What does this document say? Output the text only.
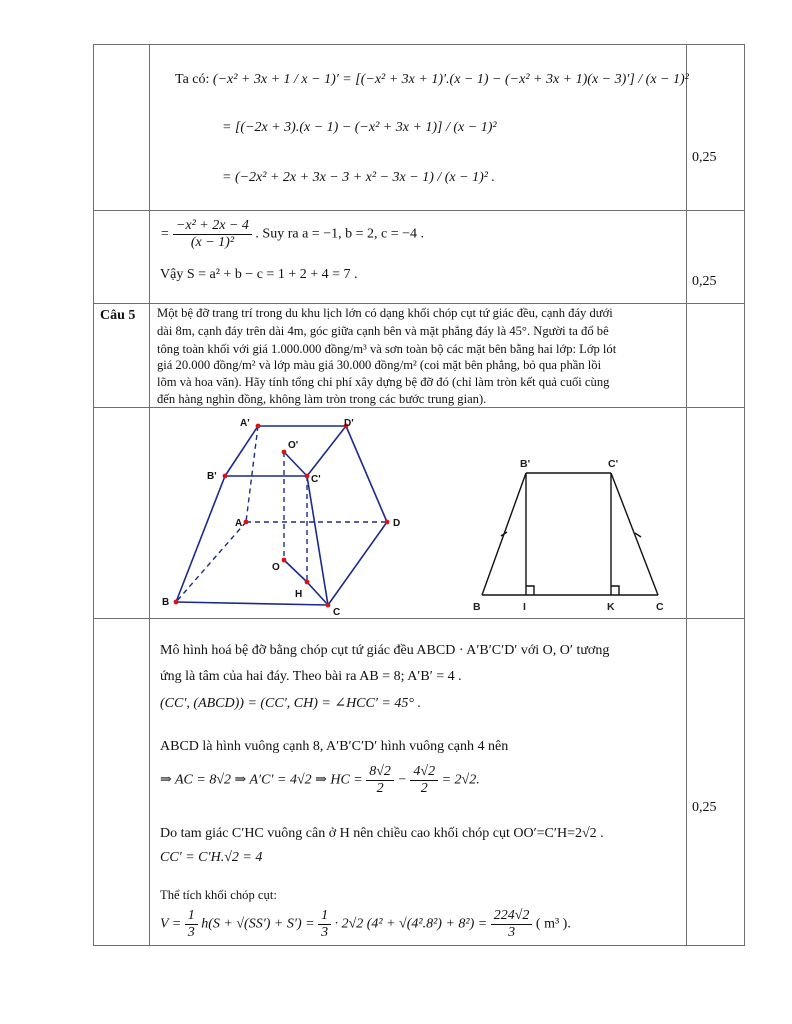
Ta có: (−x² + 3x + 1 / x − 1)′ = [(−x² + 3x + 1)′.(x − 1) − (−x² + 3x + 1)(x − 3)′] / (x − 1)²
= [(−2x + 3).(x − 1) − (−x² + 3x + 1)] / (x − 1)²
= (−2x² + 2x + 3x − 3 + x² − 3x − 1) / (x − 1)² .
0,25
= $\frac{\text{−x² + 2x − 4}}{\text{(x − 1)²}}$ . Suy ra a = −1, b = 2, c = −4 .
Vậy S = a² + b − c = 1 + 2 + 4 = 7 .	0,25
Câu 5 Một bệ đỡ trang trí trong du khu lịch lớn có dạng khối chóp cụt tứ giác đều, cạnh đáy dưới
dài 8m, cạnh đáy trên dài 4m, góc giữa cạnh bên và mặt phẳng đáy là 45°. Người ta đổ bê
tông toàn khối với giá 1.000.000 đồng/m³ và sơn toàn bộ các mặt bên bằng hai lớp: Lớp lót
giá 20.000 đồng/m² và lớp màu giá 30.000 đồng/m² (coi mặt bên phẳng, bỏ qua phần lồi
lõm và hoa văn). Hãy tính tổng chi phí xây dựng bệ đỡ đó (chỉ làm tròn kết quả cuối cùng
đến hàng nghìn đồng, không làm tròn trong các bước trung gian).
A'	D'
O'
B'	C'
A	D
O
H
B
C
B'	C'
B	I	K	C
Mô hình hoá bệ đỡ bằng chóp cụt tứ giác đều ABCD · A′B′C′D′ với O, O′ tương
ứng là tâm của hai đáy. Theo bài ra AB = 8; A′B′ = 4 .
(CC′, (ABCD)) = (CC′, CH) = ∠HCC′ = 45° .
ABCD là hình vuông cạnh 8, A′B′C′D′ hình vuông cạnh 4 nên
⇒ AC = 8√2 ⇒ A′C′ = 4√2 ⇒ HC = $\frac{8√2}{2} - \frac{4√2}{2} = 2√2$.
Do tam giác C′HC vuông cân ở H nên chiều cao khối chóp cụt OO′=C′H=2√2 .
CC′ = C′H.√2 = 4
Thể tích khối chóp cụt:
$V = \frac{1}{3} h(S + √(SS') + S') = \frac{1}{3} \cdot 2√2$ $(4^2 + √(4^2.8^2) + 8^2) = \frac{224√2}{3}$ ( m³ ).
0,25
